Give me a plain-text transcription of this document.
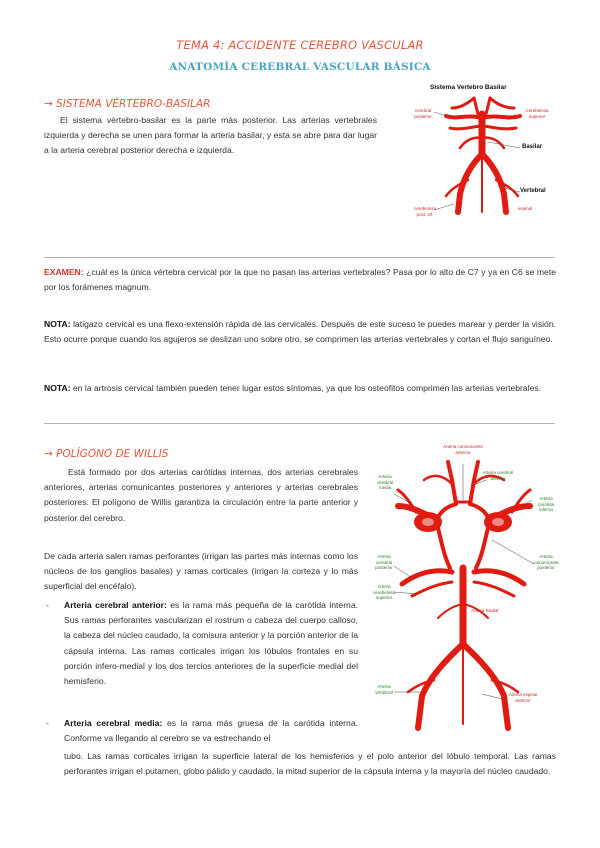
TEMA 4: ACCIDENTE CEREBRO VASCULAR
ANATOMÍA CEREBRAL VASCULAR BÁSICA
→ SISTEMA VÉRTEBRO-BASILAR
El sistema vértebro-basilar es la parte más posterior. Las arterias vertebrales izquierda y derecha se unen para formar la arteria basilar, y esta se abre para dar lugar a la arteria cerebral posterior derecha e izquierda.
Sistema Vertebro Basilar
cerebral posterior
Cerebelosa superior
Basilar
Vertebral
cerebelosa post. inf.
espinal
EXAMEN: ¿cuál es la única vértebra cervical por la que no pasan las arterias vertebrales? Pasa por lo alto de C7 y ya en C6 se mete por los forámenes magnum.
NOTA: latigazo cervical es una flexo-extensión rápida de las cervicales. Después de este suceso te puedes marear y perder la visión. Esto ocurre porque cuando los agujeros se deslizan uno sobre otro, se comprimen las arterias vertebrales y cortan el flujo sanguíneo.
NOTA: en la artrosis cervical también pueden tener lugar estos síntomas, ya que los osteofitos comprimen las arterias vertebrales.
→ POLÍGONO DE WILLIS
Está formado por dos arterias carótidas internas, dos arterias cerebrales anteriores, arterias comunicantes posteriores y anteriores y arterias cerebrales posteriores. El polígono de Willis garantiza la circulación entre la parte anterior y posterior del cerebro.
De cada arteria salen ramas perforantes (irrigan las partes más internas como los núcleos de los ganglios basales) y ramas corticales (irrigan la corteza y lo más superficial del encéfalo).
- Arteria cerebral anterior: es la rama más pequeña de la carótida interna. Sus ramas perforantes vascularizan el rostrum o cabeza del cuerpo calloso, la cabeza del núcleo caudado, la comisura anterior y la porción anterior de la cápsula interna. Las ramas corticales irrigan los lóbulos frontales en su porción infero-medial y los dos tercios anteriores de la superficie medial del hemisferio.
- Arteria cerebral media: es la rama más gruesa de la carótida interna. Conforme va llegando al cerebro se va estrechando el
tubo. Las ramas corticales irrigan la superficie lateral de los hemisferios y el polo anterior del lóbulo temporal. Las ramas perforantes irrigan el putamen, globo pálido y caudado, la mitad superior de la cápsula interna y la mayoría del núcleo caudado.
Arteria comunicante anterior
Arteria cerebral anterior
Arteria cerebral media
Arteria carótida interna
Arteria comunicante posterior
Arteria cerebral posterior
Arteria cerebelosa superior
Arteria basilar
Arteria vertebral	Arteria espinal anterior
